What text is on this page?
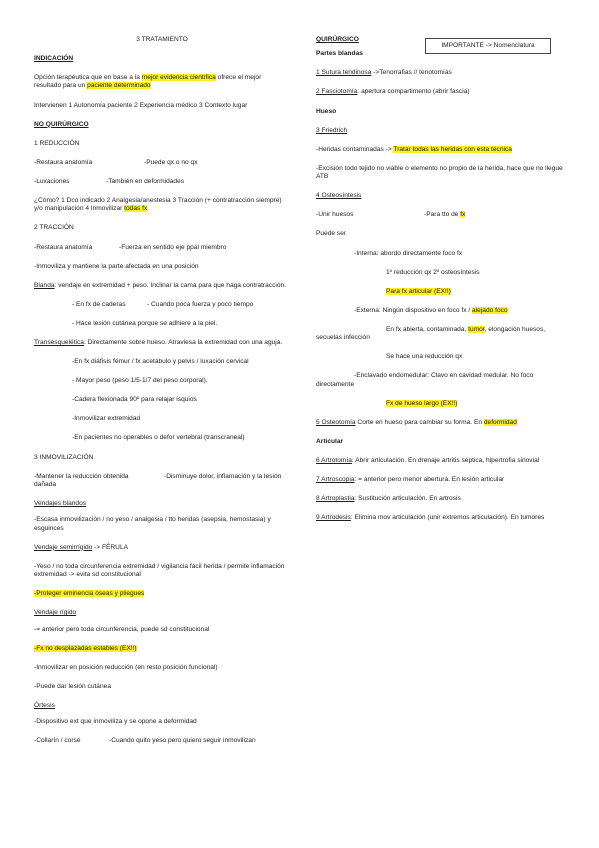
IMPORTANTE -> Nomenclatura
3 TRATAMIENTO
INDICACIÓN
Opción terapéutica que en base a la mejor evidencia científica ofrece el mejor resultado para un paciente determinado
Intervienen 1 Autonomía paciente 2 Experiencia médico 3 Contexto lugar
NO QUIRÚRGICO
1 REDUCCIÓN
-Restaura anatomía	-Puede qx o no qx
-Luxaciones	-También en deformidades
¿Cómo? 1 Dco indicado 2 Analgesia/anestesia 3 Tracción (+ contratracción siempre) y/o manipulación 4 Inmovilizar todas fx
2 TRACCIÓN
-Restaura anatomía	-Fuerza en sentido eje ppal miembro
-Inmoviliza y mantiene la parte afectada en una posición
Blanda: vendaje en extremidad + peso. Inclinar la cama para que haga contratracción.
- En fx de caderas	- Cuando poca fuerza y poco tiempo
- Hace lesión cutánea porque se adhiere a la piel.
Transesquelética: Directamente sobre hueso. Atraviesa la extremidad con una aguja.
-En fx diáfisis fémur / fx acetábulo y pelvis / luxación cervical
- Mayor peso (peso 1/5-1/7 del peso corporal).
-Cadera flexionada 90º para relajar isquios
-Inmovilizar extremidad
-En pacientes no operables o defor vertebral (transcraneal)
3 INMOVILIZACIÓN
-Mantener la reducción obtenida	-Disminuye dolor, inflamación y la lesión dañada
Vendajes blandos
-Escasa inmovilización / no yeso / analgesia / tto heridas (asepsia, hemostasia) y esguinces
Vendaje semirrígido -> FÉRULA
-Yeso / no toda circunferencia extremidad / vigilancia fácil herida / permite inflamación extremidad -> evita sd constitucional
-Proteger eminencia óseas y pliegues
Vendaje rígido
-= anterior pero toda circunferencia, puede sd constitucional
-Fx no desplazadas estables (EX!!)
-Inmovilizar en posición reducción (en resto posición funcional)
-Puede dar lesión cutánea
Órtesis
-Dispositivo ext que inmoviliza y se opone a deformidad
-Collarín / corsé	-Cuando quito yeso pero quiero seguir inmovilizan
QUIRÚRGICO
Partes blandas
1 Sutura tendinosa ->Tenorrafias // tenotomías
2 Fasciotomía: apertura compartimento (abrir fascia)
Hueso
3 Friedrich
-Heridas contaminadas -> Tratar todas las heridas con esta técnica
-Excisión todo tejido no viable o elemento no propio de la herida, hace que no llegue ATB
4 Osteosíntesis
-Unir huesos	-Para tto de fx
Puede ser
-Interna: abordo directamente foco fx
1º reducción qx 2º osteosíntesis
Para fx articular (EX!!)
-Externa: Ningún dispositivo en foco fx / alejado foco
En fx abierta, contaminada, tumor, elongación huesos, secuelas infección
Se hace una reducción qx
-Enclavado endomedular: Clavo en cavidad medular. No foco directamente
Fx de hueso largo (EX!!)
5 Osteotomía Corte en hueso para cambiar su forma. En deformidad
Articular
6 Artrotomía: Abrir articulación. En drenaje artritis séptica, hipertrofia sinovial
7 Artroscopia: = anterior pero menor abertura. En lesión articular
8 Artroplastia: Sustitución articulación. En artrosis
9 Artrodesis: Elimina mov articulación (unir extremos articulación). En tumores
